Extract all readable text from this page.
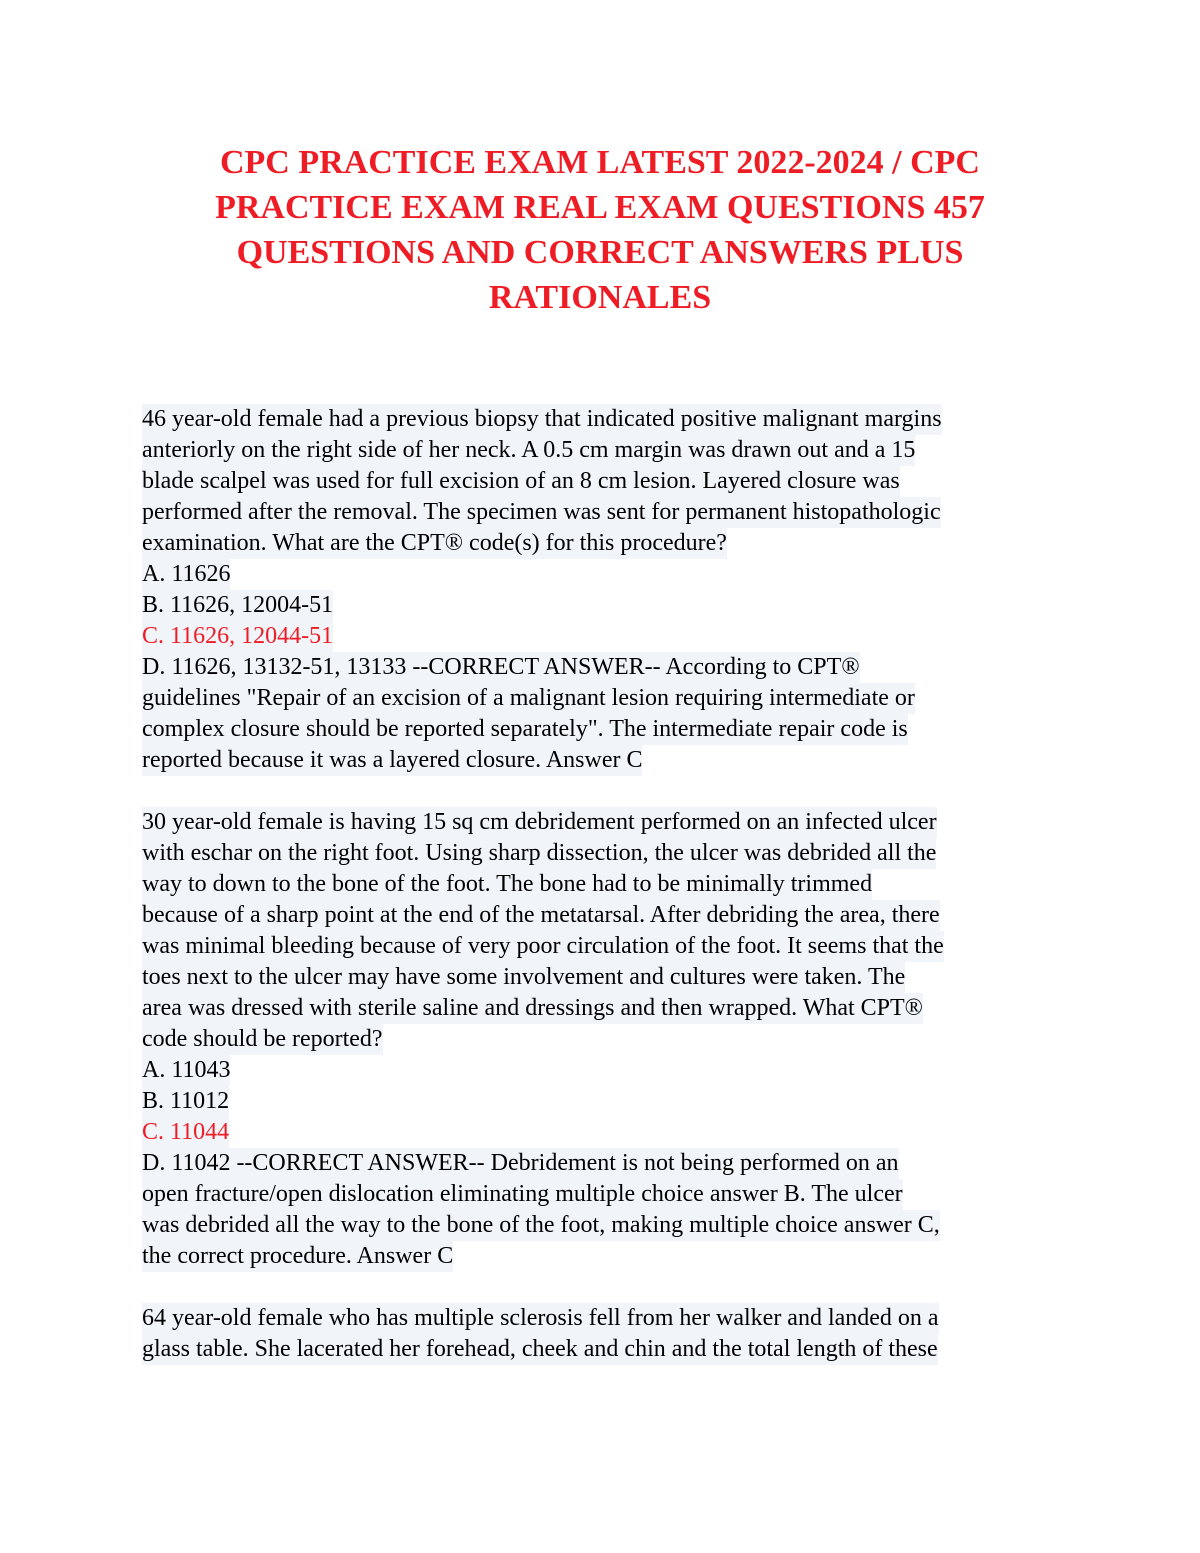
CPC PRACTICE EXAM LATEST 2022-2024 / CPC
PRACTICE EXAM REAL EXAM QUESTIONS 457
QUESTIONS AND CORRECT ANSWERS PLUS
RATIONALES
46 year-old female had a previous biopsy that indicated positive malignant margins
anteriorly on the right side of her neck. A 0.5 cm margin was drawn out and a 15
blade scalpel was used for full excision of an 8 cm lesion. Layered closure was
performed after the removal. The specimen was sent for permanent histopathologic
examination. What are the CPT® code(s) for this procedure?
A. 11626
B. 11626, 12004-51
C. 11626, 12044-51
D. 11626, 13132-51, 13133 --CORRECT ANSWER-- According to CPT®
guidelines "Repair of an excision of a malignant lesion requiring intermediate or
complex closure should be reported separately". The intermediate repair code is
reported because it was a layered closure. Answer C
30 year-old female is having 15 sq cm debridement performed on an infected ulcer
with eschar on the right foot. Using sharp dissection, the ulcer was debrided all the
way to down to the bone of the foot. The bone had to be minimally trimmed
because of a sharp point at the end of the metatarsal. After debriding the area, there
was minimal bleeding because of very poor circulation of the foot. It seems that the
toes next to the ulcer may have some involvement and cultures were taken. The
area was dressed with sterile saline and dressings and then wrapped. What CPT®
code should be reported?
A. 11043
B. 11012
C. 11044
D. 11042 --CORRECT ANSWER-- Debridement is not being performed on an
open fracture/open dislocation eliminating multiple choice answer B. The ulcer
was debrided all the way to the bone of the foot, making multiple choice answer C,
the correct procedure. Answer C
64 year-old female who has multiple sclerosis fell from her walker and landed on a
glass table. She lacerated her forehead, cheek and chin and the total length of these
